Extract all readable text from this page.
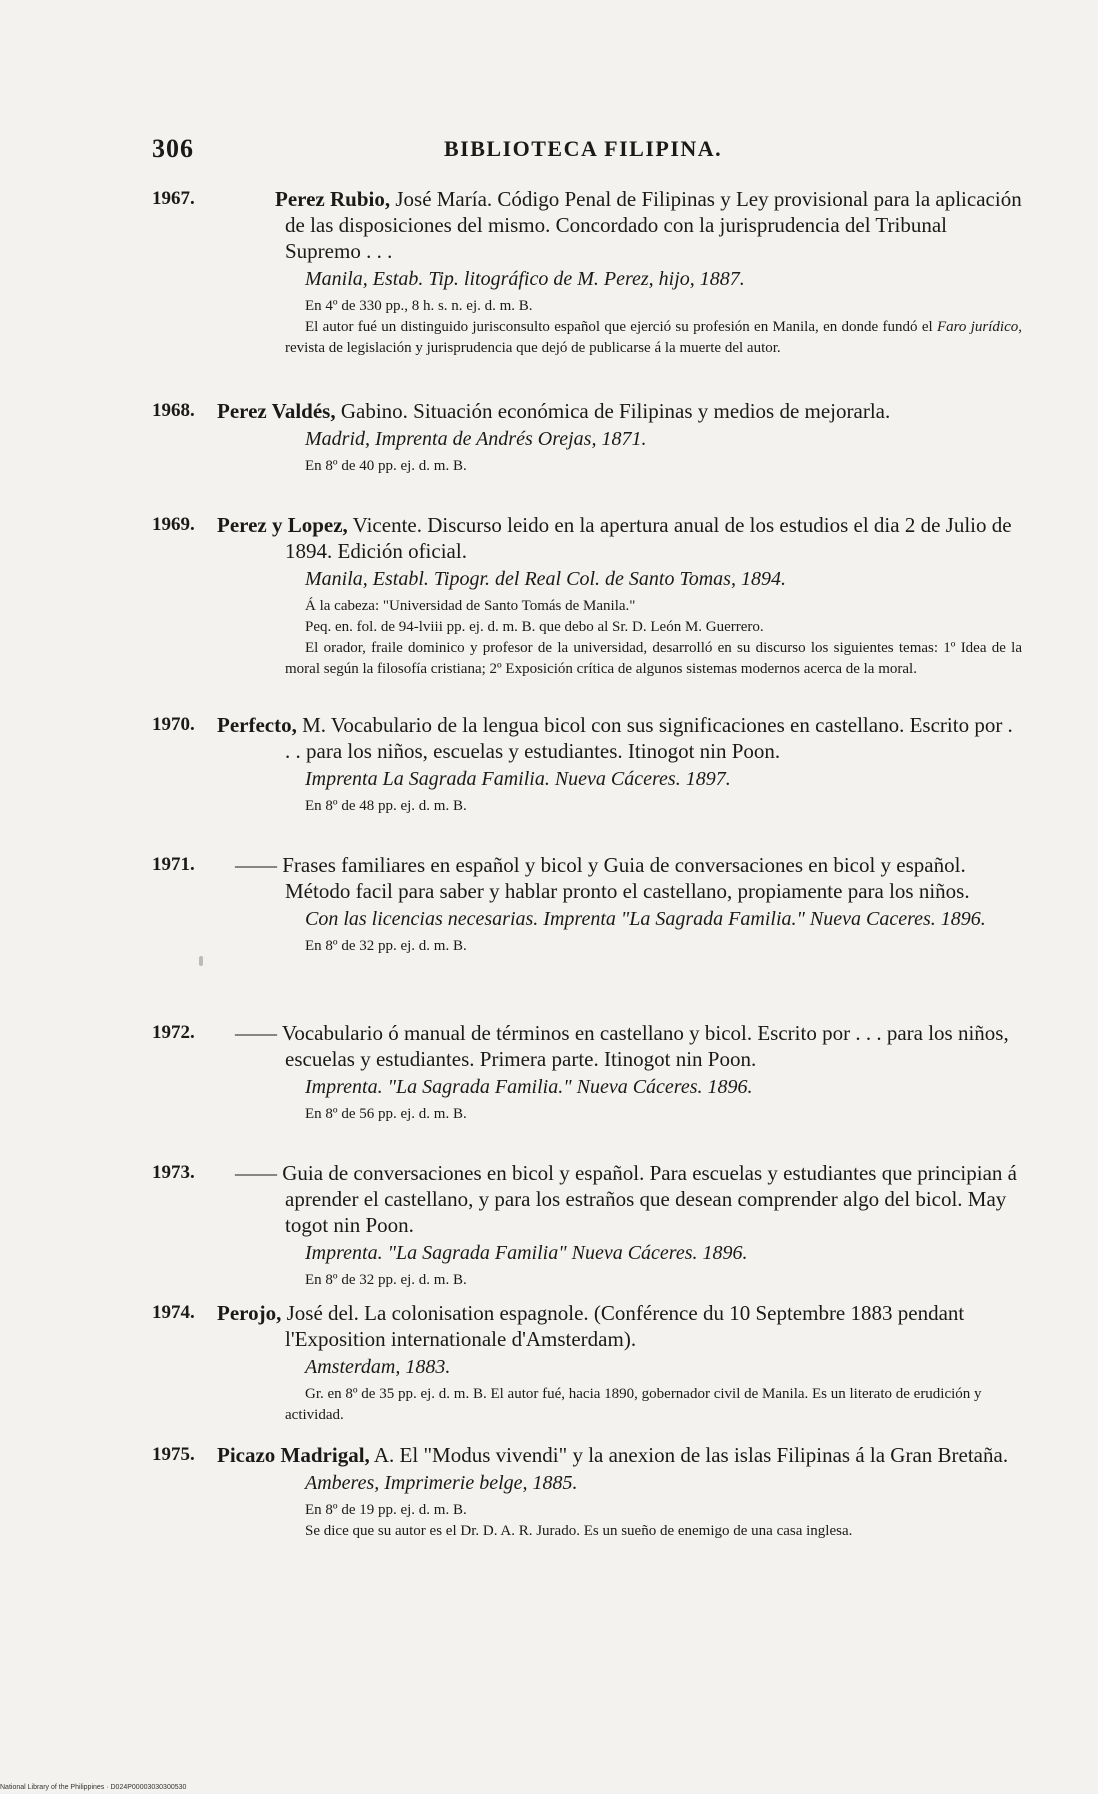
306	BIBLIOTECA FILIPINA.
1967.	Perez Rubio, José María. Código Penal de Filipinas y Ley provisional para la aplicación de las disposiciones del mismo. Concordado con la jurisprudencia del Tribunal Supremo . . .
Manila, Estab. Tip. litográfico de M. Perez, hijo, 1887.
En 4º de 330 pp., 8 h. s. n. ej. d. m. B.
El autor fué un distinguido jurisconsulto español que ejerció su profesión en Manila, en donde fundó el Faro jurídico, revista de legislación y jurisprudencia que dejó de publicarse á la muerte del autor.
1968. Perez Valdés, Gabino. Situación económica de Filipinas y medios de mejorarla.
Madrid, Imprenta de Andrés Orejas, 1871.
En 8º de 40 pp. ej. d. m. B.
1969. Perez y Lopez, Vicente. Discurso leido en la apertura anual de los estudios el dia 2 de Julio de 1894. Edición oficial.
Manila, Establ. Tipogr. del Real Col. de Santo Tomas, 1894.
Á la cabeza: "Universidad de Santo Tomás de Manila."
Peq. en. fol. de 94-lviii pp. ej. d. m. B. que debo al Sr. D. León M. Guerrero.
El orador, fraile dominico y profesor de la universidad, desarrolló en su discurso los siguientes temas: 1º Idea de la moral según la filosofía cristiana; 2º Exposición crítica de algunos sistemas modernos acerca de la moral.
1970. Perfecto, M. Vocabulario de la lengua bicol con sus significaciones en castellano. Escrito por . . . para los niños, escuelas y estudiantes. Itinogot nin Poon.
Imprenta La Sagrada Familia. Nueva Cáceres. 1897.
En 8º de 48 pp. ej. d. m. B.
1971.	—— Frases familiares en español y bicol y Guia de conversaciones en bicol y español. Método facil para saber y hablar pronto el castellano, propiamente para los niños.
Con las licencias necesarias. Imprenta "La Sagrada Familia." Nueva Caceres. 1896.
En 8º de 32 pp. ej. d. m. B.
1972.	—— Vocabulario ó manual de términos en castellano y bicol. Escrito por . . . para los niños, escuelas y estudiantes. Primera parte. Itinogot nin Poon.
Imprenta. "La Sagrada Familia." Nueva Cáceres. 1896.
En 8º de 56 pp. ej. d. m. B.
1973.	—— Guia de conversaciones en bicol y español. Para escuelas y estudiantes que principian á aprender el castellano, y para los estraños que desean comprender algo del bicol. May togot nin Poon.
Imprenta. "La Sagrada Familia" Nueva Cáceres. 1896.
En 8º de 32 pp. ej. d. m. B.
1974. Perojo, José del. La colonisation espagnole. (Conférence du 10 Septembre 1883 pendant l'Exposition internationale d'Amsterdam).
Amsterdam, 1883.
Gr. en 8º de 35 pp. ej. d. m. B. El autor fué, hacia 1890, gobernador civil de Manila. Es un literato de erudición y actividad.
1975. Picazo Madrigal, A. El "Modus vivendi" y la anexion de las islas Filipinas á la Gran Bretaña.
Amberes, Imprimerie belge, 1885.
En 8º de 19 pp. ej. d. m. B.
Se dice que su autor es el Dr. D. A. R. Jurado. Es un sueño de enemigo de una casa inglesa.
National Library of the Philippines · D024P00003030300530
